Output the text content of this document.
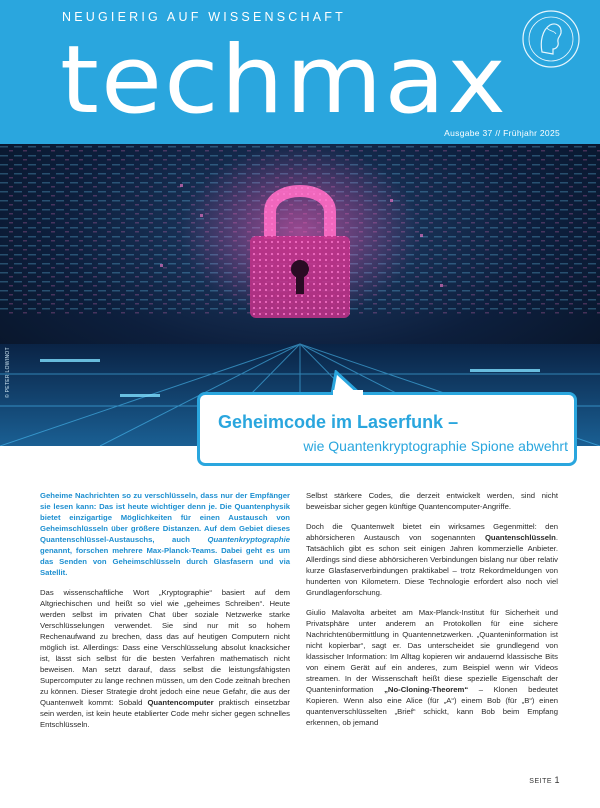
NEUGIERIG AUF WISSENSCHAFT
techmax
Ausgabe 37 // Frühjahr 2025
© PETER LOWINOT
Geheimcode im Laserfunk –
wie Quantenkryptographie Spione abwehrt

Geheime Nachrichten so zu verschlüsseln, dass nur der Empfänger sie lesen kann: Das ist heute wichtiger denn je. Die Quantenphysik bietet einzigartige Möglichkeiten für einen Austausch von Geheimschlüsseln über größere Distanzen. Auf dem Gebiet dieses Quantenschlüssel-Austauschs, auch Quantenkryptographie genannt, forschen mehrere Max-Planck-Teams. Dabei geht es um das Senden von Geheimschlüsseln durch Glasfasern und via Satellit.

Das wissenschaftliche Wort „Kryptographie“ basiert auf dem Altgriechischen und heißt so viel wie „geheimes Schreiben“. Heute werden selbst im privaten Chat über soziale Netzwerke starke Verschlüsselungen verwendet. Sie sind nur mit so hohem Rechenaufwand zu brechen, dass das auf heutigen Computern nicht möglich ist. Allerdings: Dass eine Verschlüsselung absolut knacksicher ist, lässt sich selbst für die besten Verfahren mathematisch nicht beweisen. Man setzt darauf, dass selbst die leistungsfähigsten Supercomputer zu lange rechnen müssen, um den Code zeitnah brechen zu können. Dieser Strategie droht jedoch eine neue Gefahr, die aus der Quantenwelt kommt: Sobald Quantencomputer praktisch einsetzbar sein werden, ist kein heute etablierter Code mehr sicher gegen schnelles Entschlüsseln.

Selbst stärkere Codes, die derzeit entwickelt werden, sind nicht beweisbar sicher gegen künftige Quantencomputer-Angriffe.

Doch die Quantenwelt bietet ein wirksames Gegenmittel: den abhörsicheren Austausch von sogenannten Quantenschlüsseln. Tatsächlich gibt es schon seit einigen Jahren kommerzielle Anbieter. Allerdings sind diese abhörsicheren Verbindungen bislang nur über relativ kurze Glasfaserverbindungen praktikabel – trotz Rekordmeldungen von hunderten von Kilometern. Diese Technologie erfordert also noch viel Grundlagenforschung.

Giulio Malavolta arbeitet am Max-Planck-Institut für Sicherheit und Privatsphäre unter anderem an Protokollen für eine sichere Nachrichtenübermittlung in Quantennetzwerken. „Quanteninformation ist nicht kopierbar“, sagt er. Das unterscheidet sie grundlegend von klassischer Information: Im Alltag kopieren wir andauernd klassische Bits von einem Gerät auf ein anderes, zum Beispiel wenn wir Videos streamen. In der Wissenschaft heißt diese spezielle Eigenschaft der Quanteninformation „No-Cloning-Theorem“ – Klonen bedeutet Kopieren. Wenn also eine Alice (für „A“) einem Bob (für „B“) einen quantenverschlüsselten „Brief“ schickt, kann Bob beim Empfang erkennen, ob jemand

SEITE 1
